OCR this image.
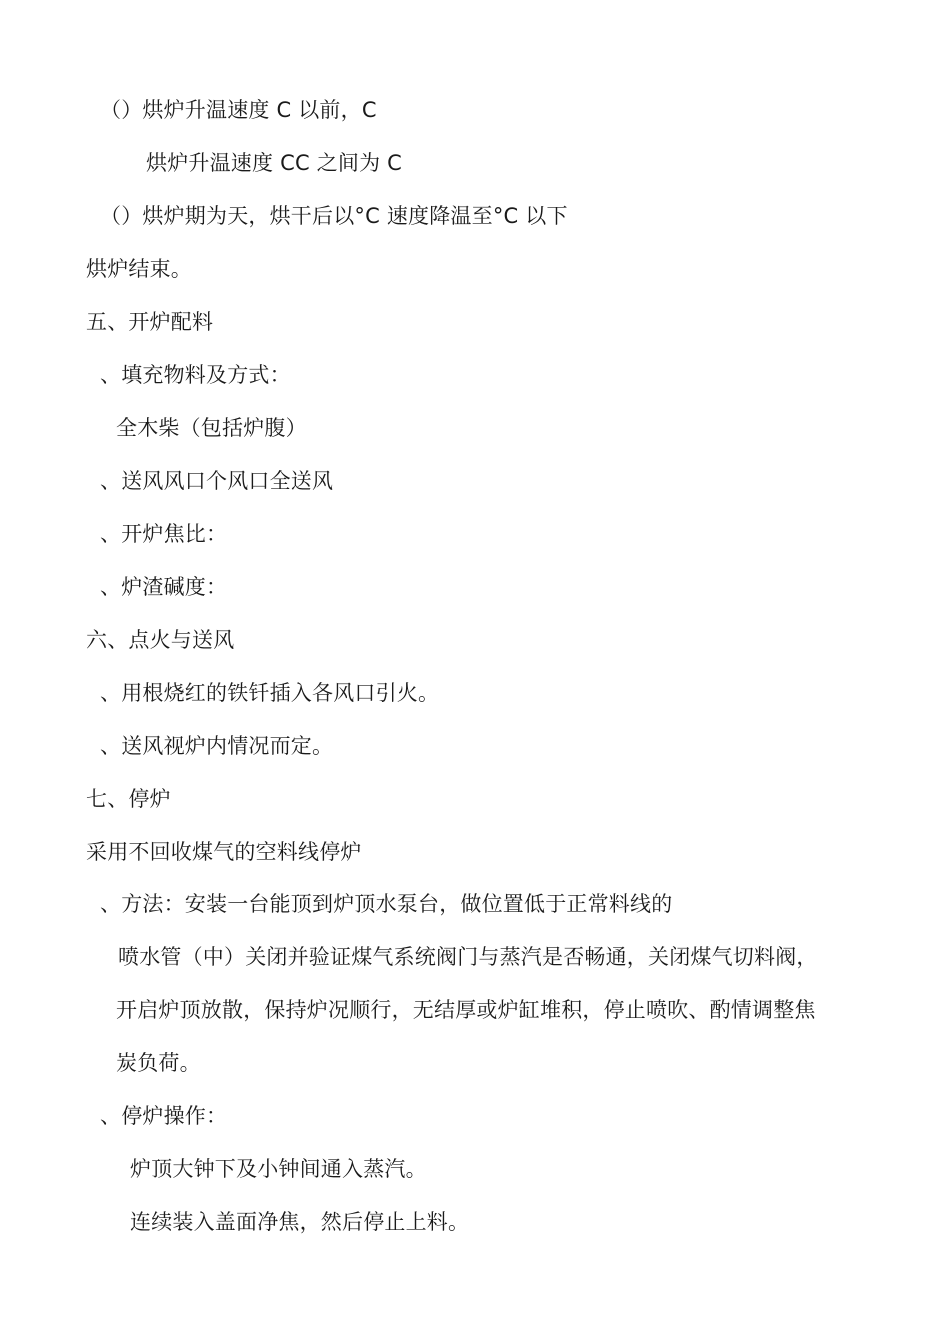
（）烘炉升温速度 C 以前，C
烘炉升温速度 CC 之间为 C
（）烘炉期为天，烘干后以°C 速度降温至°C 以下
烘炉结束。
五、开炉配料
、填充物料及方式：
全木柴（包括炉腹）
、送风风口个风口全送风
、开炉焦比：
、炉渣碱度：
六、点火与送风
、用根烧红的铁钎插入各风口引火。
、送风视炉内情况而定。
七、停炉
采用不回收煤气的空料线停炉
、方法：安装一台能顶到炉顶水泵台，做位置低于正常料线的
喷水管（中）关闭并验证煤气系统阀门与蒸汽是否畅通，关闭煤气切料阀，
开启炉顶放散，保持炉况顺行，无结厚或炉缸堆积，停止喷吹、酌情调整焦
炭负荷。
、停炉操作：
炉顶大钟下及小钟间通入蒸汽。
连续装入盖面净焦，然后停止上料。
